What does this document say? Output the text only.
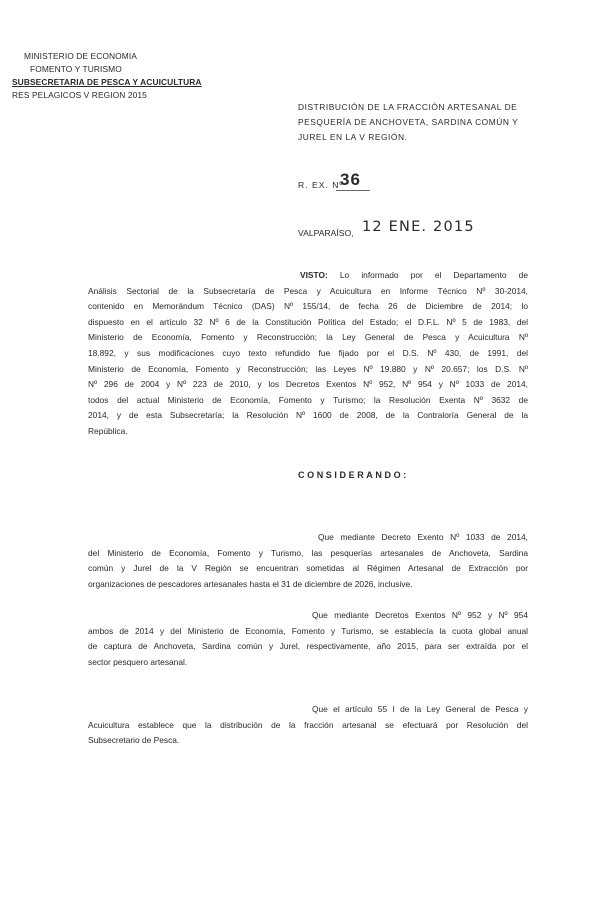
MINISTERIO DE ECONOMIA
FOMENTO Y TURISMO
SUBSECRETARIA DE PESCA Y ACUICULTURA
RES PELAGICOS V REGION 2015
DISTRIBUCIÓN DE LA FRACCIÓN ARTESANAL DE
PESQUERÍA DE ANCHOVETA, SARDINA COMÚN Y
JUREL EN LA V REGIÓN.
R. EX. Nº
36
VALPARAÍSO, 12 ENE. 2015
VISTO: Lo informado por el Departamento de
Análisis Sectorial de la Subsecretaría de Pesca y Acuicultura en Informe Técnico Nº 30-2014,
contenido en Memorándum Técnico (DAS) Nº 155/14, de fecha 26 de Diciembre de 2014; lo
dispuesto en el artículo 32 Nº 6 de la Constitución Política del Estado; el D.F.L. Nº 5 de 1983, del
Ministerio de Economía, Fomento y Reconstrucción; la Ley General de Pesca y Acuicultura Nº
18.892, y sus modificaciones cuyo texto refundido fue fijado por el D.S. Nº 430, de 1991, del
Ministerio de Economía, Fomento y Reconstrucción; las Leyes Nº 19.880 y Nº 20.657; los D.S. Nº
Nº 296 de 2004 y Nº 223 de 2010, y los Decretos Exentos Nº 952, Nº 954 y Nº 1033 de 2014,
todos del actual Ministerio de Economía, Fomento y Turismo; la Resolución Exenta Nº 3632 de
2014, y de esta Subsecretaría; la Resolución Nº 1600 de 2008, de la Contraloría General de la
República.
CONSIDERANDO:
Que mediante Decreto Exento Nº 1033 de 2014,
del Ministerio de Economía, Fomento y Turismo, las pesquerías artesanales de Anchoveta, Sardina
común y Jurel de la V Región se encuentran sometidas al Régimen Artesanal de Extracción por
organizaciones de pescadores artesanales hasta el 31 de diciembre de 2026, inclusive.
Que mediante Decretos Exentos Nº 952 y Nº 954
ambos de 2014 y del Ministerio de Economía, Fomento y Turismo, se establecía la cuota global anual
de captura de Anchoveta, Sardina común y Jurel, respectivamente, año 2015, para ser extraída por el
sector pesquero artesanal.
Que el artículo 55 I de la Ley General de Pesca y
Acuicultura establece que la distribución de la fracción artesanal se efectuará por Resolución del
Subsecretario de Pesca.
